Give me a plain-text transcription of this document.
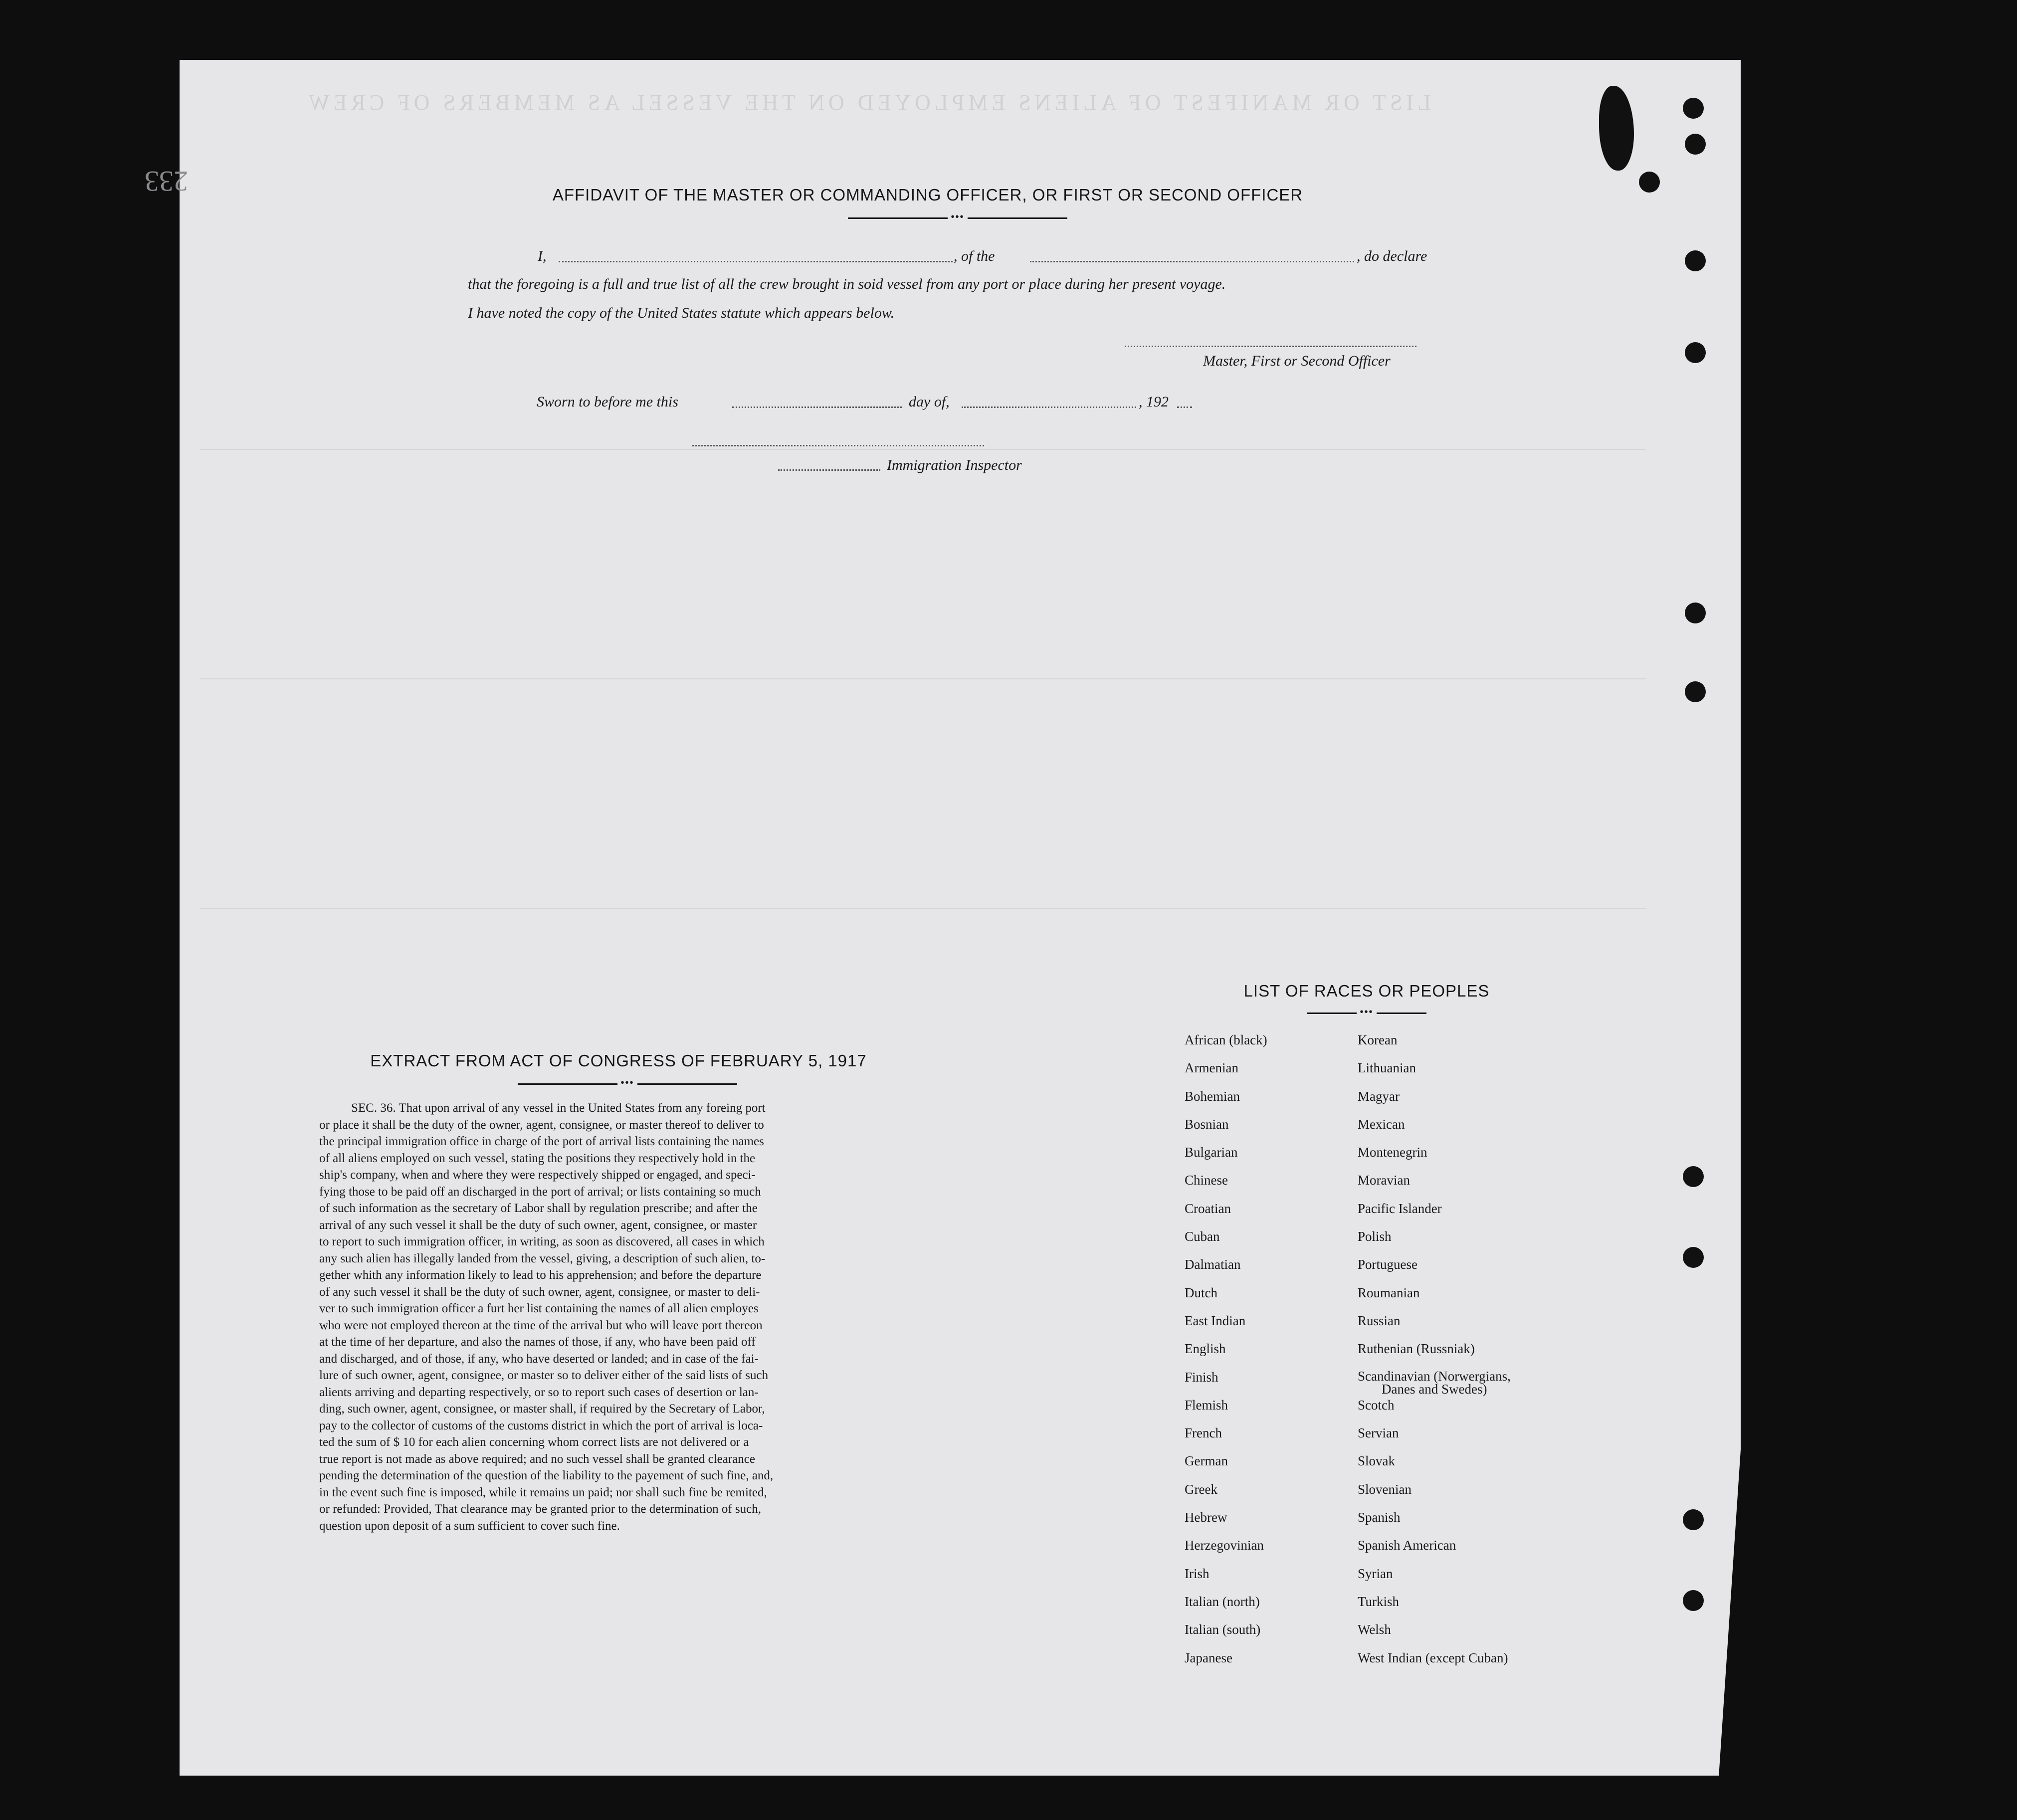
LIST OR MANIFEST OF ALIENS EMPLOYED ON THE VESSEL AS MEMBERS OF CREW
233	AFFIDAVIT OF THE MASTER OR COMMANDING OFFICER, OR FIRST OR SECOND OFFICER
•••
I,	, of the	, do declare
that the foregoing is a full and true list of all the crew brought in soid vessel from any port or place during her present voyage.
I have noted the copy of the United States statute which appears below.
Master, First or Second Officer
Sworn to before me this	day of,	, 192
Immigration Inspector
EXTRACT FROM ACT OF CONGRESS OF FEBRUARY 5, 1917
•••
SEC. 36. That upon arrival of any vessel in the United States from any foreing port
or place it shall be the duty of the owner, agent, consignee, or master thereof to deliver to
the principal immigration office in charge of the port of arrival lists containing the names
of all aliens employed on such vessel, stating the positions they respectively hold in the
ship's company, when and where they were respectively shipped or engaged, and speci-
fying those to be paid off an discharged in the port of arrival; or lists containing so much
of such information as the secretary of Labor shall by regulation prescribe; and after the
arrival of any such vessel it shall be the duty of such owner, agent, consignee, or master
to report to such immigration officer, in writing, as soon as discovered, all cases in which
any such alien has illegally landed from the vessel, giving, a description of such alien, to-
gether whith any information likely to lead to his apprehension; and before the departure
of any such vessel it shall be the duty of such owner, agent, consignee, or master to deli-
ver to such immigration officer a furt her list containing the names of all alien employes
who were not employed thereon at the time of the arrival but who will leave port thereon
at the time of her departure, and also the names of those, if any, who have been paid off
and discharged, and of those, if any, who have deserted or landed; and in case of the fai-
lure of such owner, agent, consignee, or master so to deliver either of the said lists of such
alients arriving and departing respectively, or so to report such cases of desertion or lan-
ding, such owner, agent, consignee, or master shall, if required by the Secretary of Labor,
pay to the collector of customs of the customs district in which the port of arrival is loca-
ted the sum of $ 10 for each alien concerning whom correct lists are not delivered or a
true report is not made as above required; and no such vessel shall be granted clearance
pending the determination of the question of the liability to the payement of such fine, and,
in the event such fine is imposed, while it remains un paid; nor shall such fine be remited,
or refunded: Provided, That clearance may be granted prior to the determination of such,
question upon deposit of a sum sufficient to cover such fine.
LIST OF RACES OR PEOPLES
•••
African (black)
Armenian
Bohemian
Bosnian
Bulgarian
Chinese
Croatian
Cuban
Dalmatian
Dutch
East Indian
English
Finish
Flemish
French
German
Greek
Hebrew
Herzegovinian
Irish
Italian (north)
Italian (south)
Japanese
Korean
Lithuanian
Magyar
Mexican
Montenegrin
Moravian
Pacific Islander
Polish
Portuguese
Roumanian
Russian
Ruthenian (Russniak)
Scandinavian (Norwergians,
Danes and Swedes)
Scotch
Servian
Slovak
Slovenian
Spanish
Spanish American
Syrian
Turkish
Welsh
West Indian (except Cuban)
